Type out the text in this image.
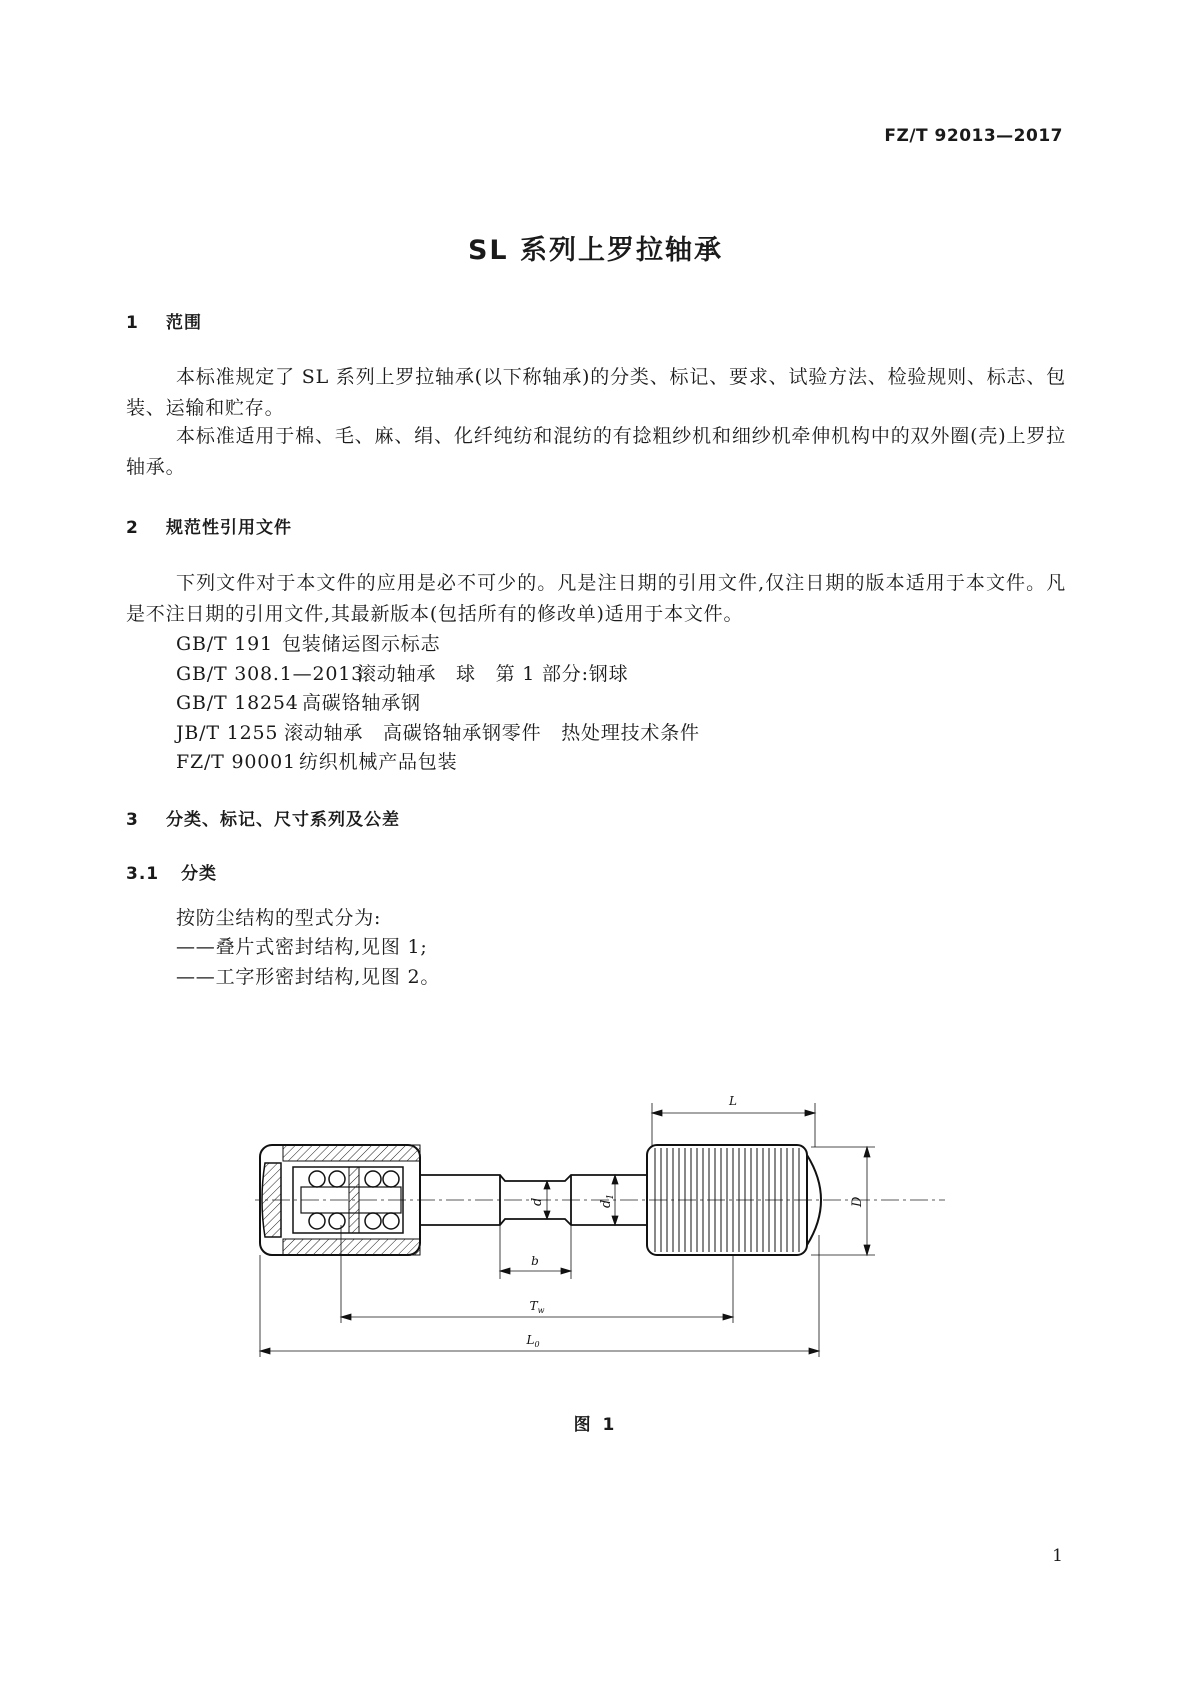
FZ/T 92013—2017
SL 系列上罗拉轴承
1 范围

本标准规定了 SL 系列上罗拉轴承(以下称轴承)的分类、标记、要求、试验方法、检验规则、标志、包装、运输和贮存。

本标准适用于棉、毛、麻、绢、化纤纯纺和混纺的有捻粗纱机和细纱机牵伸机构中的双外圈(壳)上罗拉轴承。

2 规范性引用文件

下列文件对于本文件的应用是必不可少的。凡是注日期的引用文件,仅注日期的版本适用于本文件。凡是不注日期的引用文件,其最新版本(包括所有的修改单)适用于本文件。

GB/T 191 包装储运图示标志
GB/T 308.1—2013滚动轴承　球　第 1 部分:钢球
GB/T 18254 高碳铬轴承钢
JB/T 1255 滚动轴承　高碳铬轴承钢零件　热处理技术条件
FZ/T 90001 纺织机械产品包装
3 分类、标记、尺寸系列及公差
3.1 分类
按防尘结构的型式分为:
——叠片式密封结构,见图 1;
——工字形密封结构,见图 2。
L
D
d	$d_1$
b
$T_w$
$L_0$
图 1
1
